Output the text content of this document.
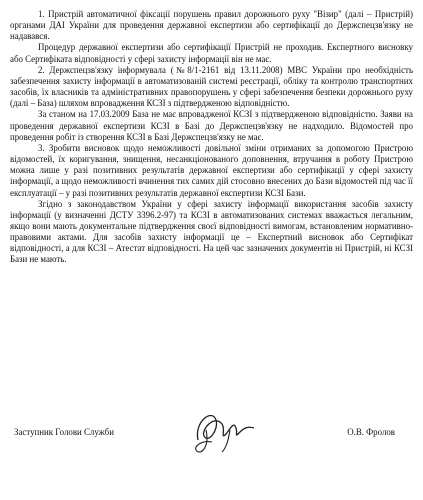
1. Пристрій автоматичної фіксації порушень правил дорожнього руху "Візир" (далі – Пристрій) органами ДАІ України для проведення державної експертизи або сертифікації до Держспецзв'язку не надавався.

Процедур державної експертизи або сертифікації Пристрій не проходив. Експертного висновку або Сертифіката відповідності у сфері захисту інформації він не має.

2. Держспецзв'язку інформувала (№8/1-2161 від 13.11.2008) МВС України про необхідність забезпечення захисту інформації в автоматизованій системі реєстрації, обліку та контролю транспортних засобів, їх власників та адміністративних правопорушень у сфері забезпечення безпеки дорожнього руху (далі – База) шляхом впровадження КСЗІ з підтвердженою відповідністю.

За станом на 17.03.2009 База не має впровадженої КСЗІ з підтвердженою відповідністю. Заяви на проведення державної експертизи КСЗІ в Базі до Держспецзв'язку не надходило. Відомостей про проведення робіт із створення КСЗІ в Базі Держспецзв'язку не має.

3. Зробити висновок щодо неможливості довільної зміни отриманих за допомогою Пристрою відомостей, їх коригування, знищення, несанкціонованого доповнення, втручання в роботу Пристрою можна лише у разі позитивних результатів державної експертизи або сертифікації у сфері захисту інформації, а щодо неможливості вчинення тих самих дій стосовно внесених до Бази відомостей під час її експлуатації – у разі позитивних результатів державної експертизи КСЗІ Бази.

Згідно з законодавством України у сфері захисту інформації використання засобів захисту інформації (у визначенні ДСТУ 3396.2-97) та КСЗІ в автоматизованих системах вважається легальним, якщо вони мають документальне підтвердження своєї відповідності вимогам, встановленим нормативно-правовими актами. Для засобів захисту інформації це – Експертний висновок або Сертифікат відповідності, а для КСЗІ – Атестат відповідності. На цей час зазначених документів ні Пристрій, ні КСЗІ Бази не мають.

Заступник Голови Служби	О.В. Фролов
